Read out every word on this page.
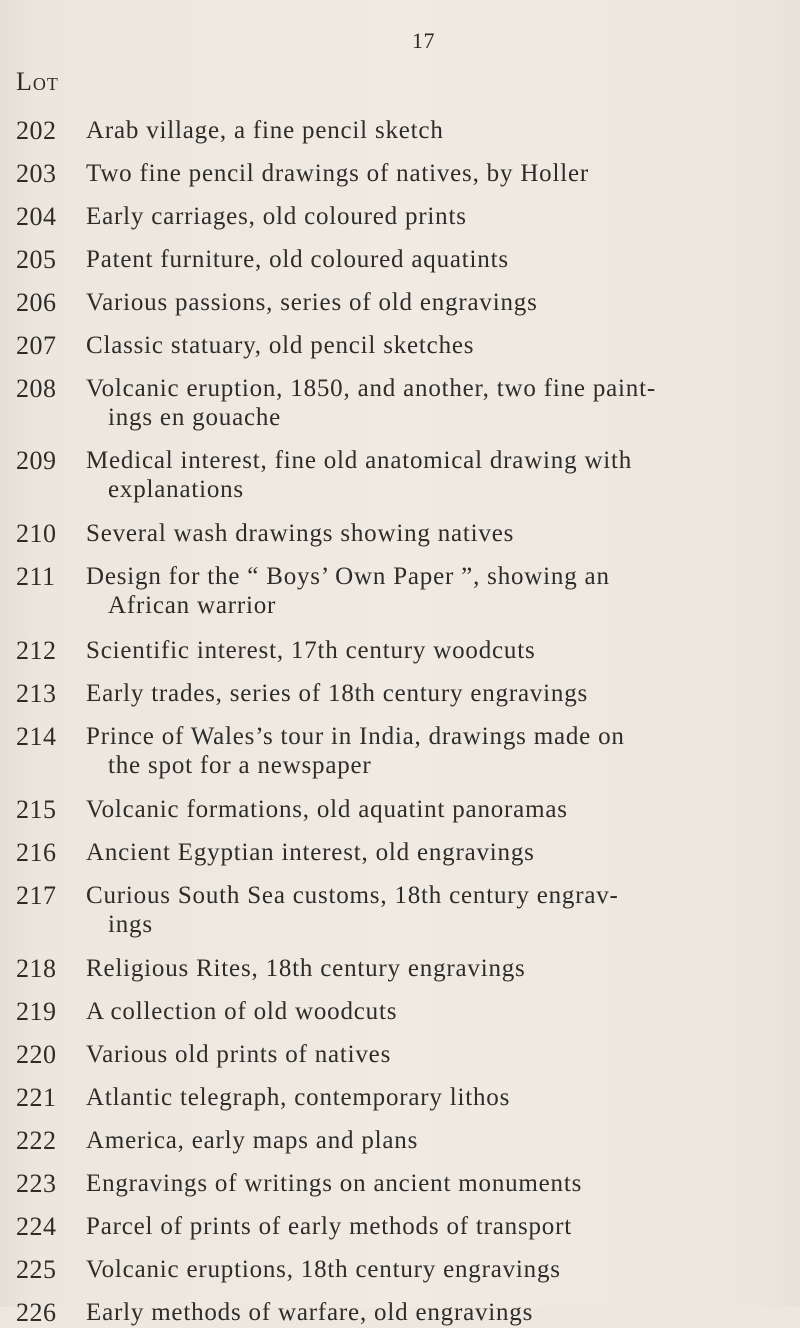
17
Lot
202 Arab village, a fine pencil sketch
203 Two fine pencil drawings of natives, by Holler
204 Early carriages, old coloured prints
205 Patent furniture, old coloured aquatints
206 Various passions, series of old engravings
207 Classic statuary, old pencil sketches
208 Volcanic eruption, 1850, and another, two fine paint-
ings en gouache
209 Medical interest, fine old anatomical drawing with
explanations
210 Several wash drawings showing natives
211 Design for the “ Boys’ Own Paper ”, showing an
African warrior
212 Scientific interest, 17th century woodcuts
213 Early trades, series of 18th century engravings
214 Prince of Wales’s tour in India, drawings made on
the spot for a newspaper
215 Volcanic formations, old aquatint panoramas
216 Ancient Egyptian interest, old engravings
217 Curious South Sea customs, 18th century engrav-
ings
218 Religious Rites, 18th century engravings
219 A collection of old woodcuts
220 Various old prints of natives
221 Atlantic telegraph, contemporary lithos
222 America, early maps and plans
223 Engravings of writings on ancient monuments
224 Parcel of prints of early methods of transport
225 Volcanic eruptions, 18th century engravings
226 Early methods of warfare, old engravings
